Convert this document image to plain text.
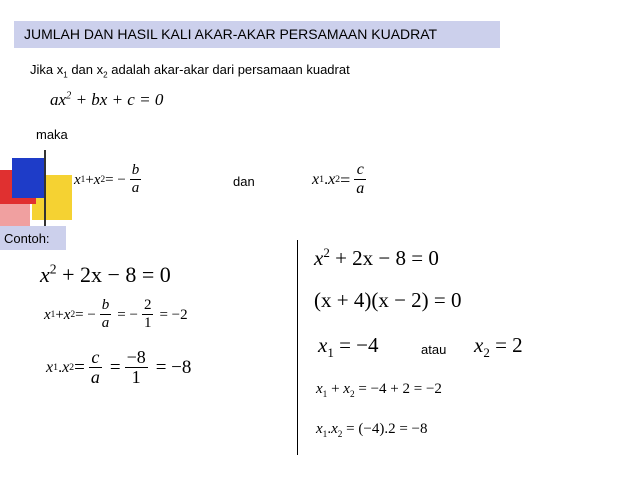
JUMLAH DAN HASIL KALI AKAR-AKAR PERSAMAAN KUADRAT
Jika $x_1$ dan $x_2$ adalah akar-akar dari persamaan kuadrat
$ax^2$ + bx + c = 0
maka
x 1 + x 2 = − $\frac{b}{a}$	dan	x 1 . x $2 = \frac{c}{a}$
Contoh:
$x^2 + 2x - 8 = 0$
x 1 + x 2 = − $\frac{b}{a}$ = − $\frac{2}{1} = -2$
x 1 . x $2 = \frac{c}{a} = \frac{-8}{1} = -8$
$x^2 + 2x - 8 = 0$
(x + 4)(x − 2) = 0
$x_1 = -4$	atau $x_2 = 2$
$x_1 + x_2 = -4 + 2 = -2$
$x_1.x_2 = (-4).2 = -8$
